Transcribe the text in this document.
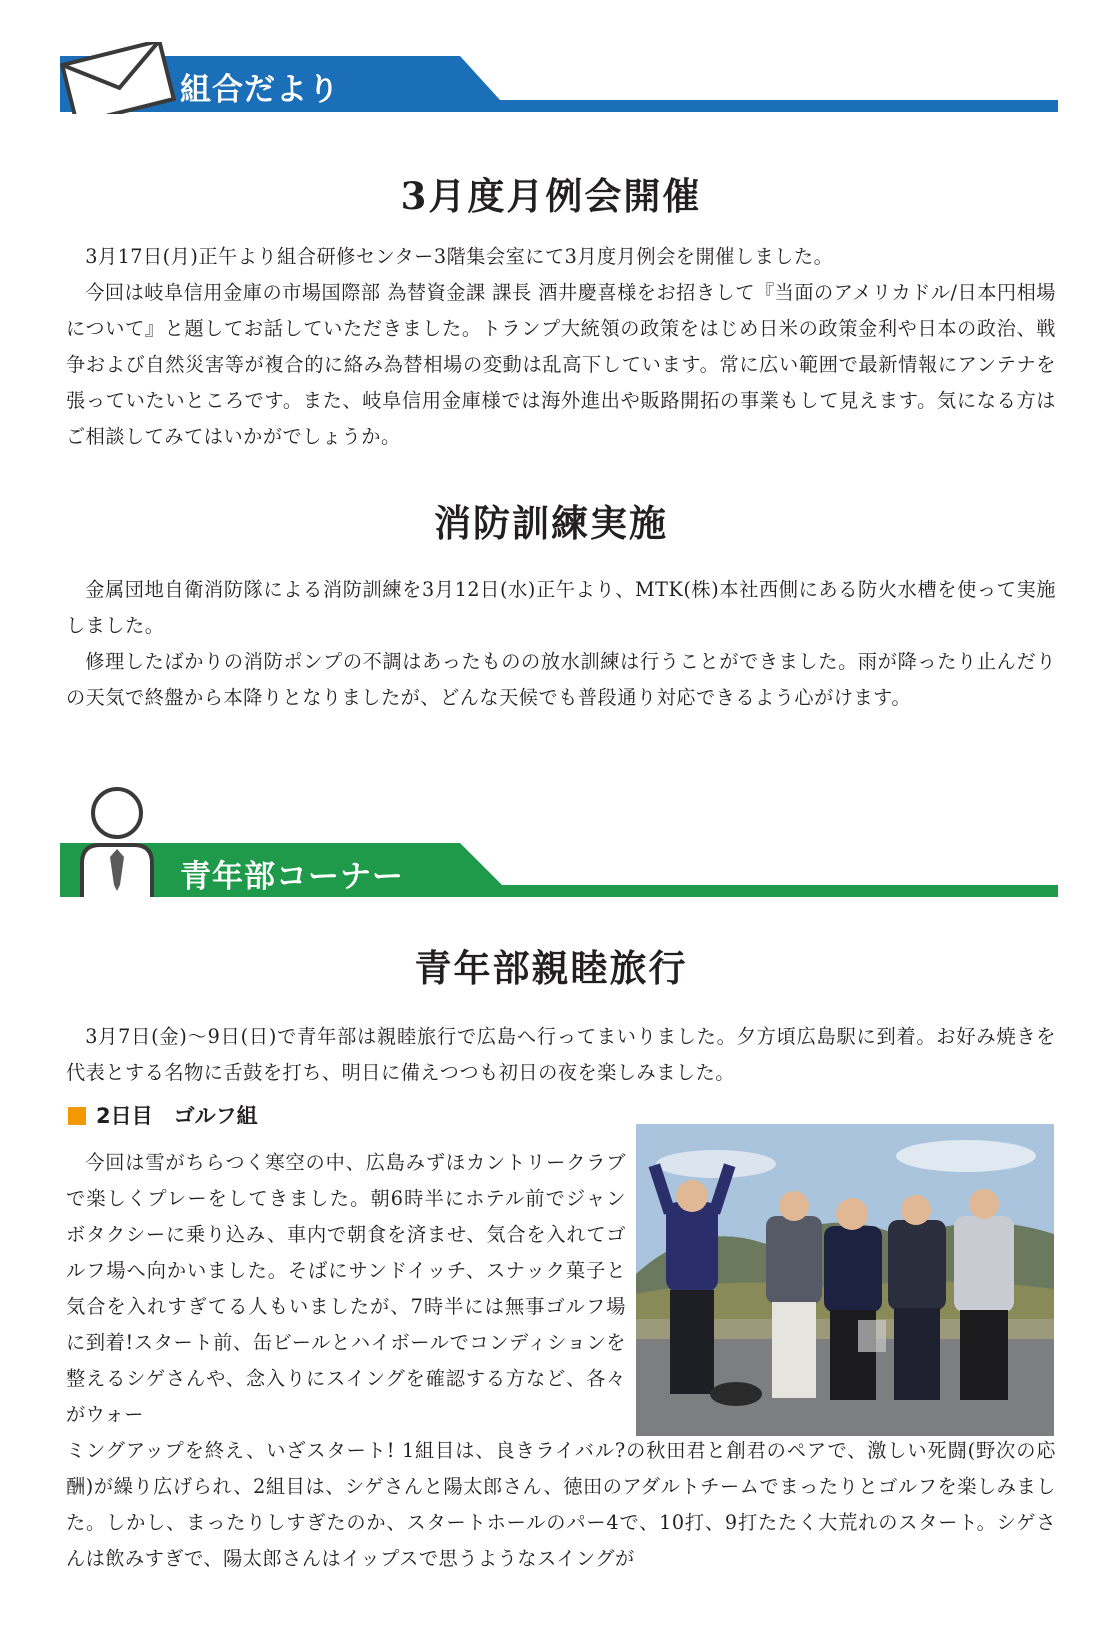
組合だより
3月度月例会開催

3月17日(月)正午より組合研修センター3階集会室にて3月度月例会を開催しました。

今回は岐阜信用金庫の市場国際部 為替資金課 課長 酒井慶喜様をお招きして『当面のアメリカドル/日本円相場について』と題してお話していただきました。トランプ大統領の政策をはじめ日米の政策金利や日本の政治、戦争および自然災害等が複合的に絡み為替相場の変動は乱高下しています。常に広い範囲で最新情報にアンテナを張っていたいところです。また、岐阜信用金庫様では海外進出や販路開拓の事業もして見えます。気になる方はご相談してみてはいかがでしょうか。

消防訓練実施

金属団地自衛消防隊による消防訓練を3月12日(水)正午より、MTK(株)本社西側にある防火水槽を使って実施しました。

修理したばかりの消防ポンプの不調はあったものの放水訓練は行うことができました。雨が降ったり止んだりの天気で終盤から本降りとなりましたが、どんな天候でも普段通り対応できるよう心がけます。

青年部コーナー
青年部親睦旅行

3月7日(金)〜9日(日)で青年部は親睦旅行で広島へ行ってまいりました。夕方頃広島駅に到着。お好み焼きを代表とする名物に舌鼓を打ち、明日に備えつつも初日の夜を楽しみました。

2日目　ゴルフ組

今回は雪がちらつく寒空の中、広島みずほカントリークラブで楽しくプレーをしてきました。朝6時半にホテル前でジャンボタクシーに乗り込み、車内で朝食を済ませ、気合を入れてゴルフ場へ向かいました。そばにサンドイッチ、スナック菓子と気合を入れすぎてる人もいましたが、7時半には無事ゴルフ場に到着!スタート前、缶ビールとハイボールでコンディションを整えるシゲさんや、念入りにスイングを確認する方など、各々がウォー

ミングアップを終え、いざスタート! 1組目は、良きライバル?の秋田君と創君のペアで、激しい死闘(野次の応酬)が繰り広げられ、2組目は、シゲさんと陽太郎さん、徳田のアダルトチームでまったりとゴルフを楽しみました。しかし、まったりしすぎたのか、スタートホールのパー4で、10打、9打たたく大荒れのスタート。シゲさんは飲みすぎで、陽太郎さんはイップスで思うようなスイングが
